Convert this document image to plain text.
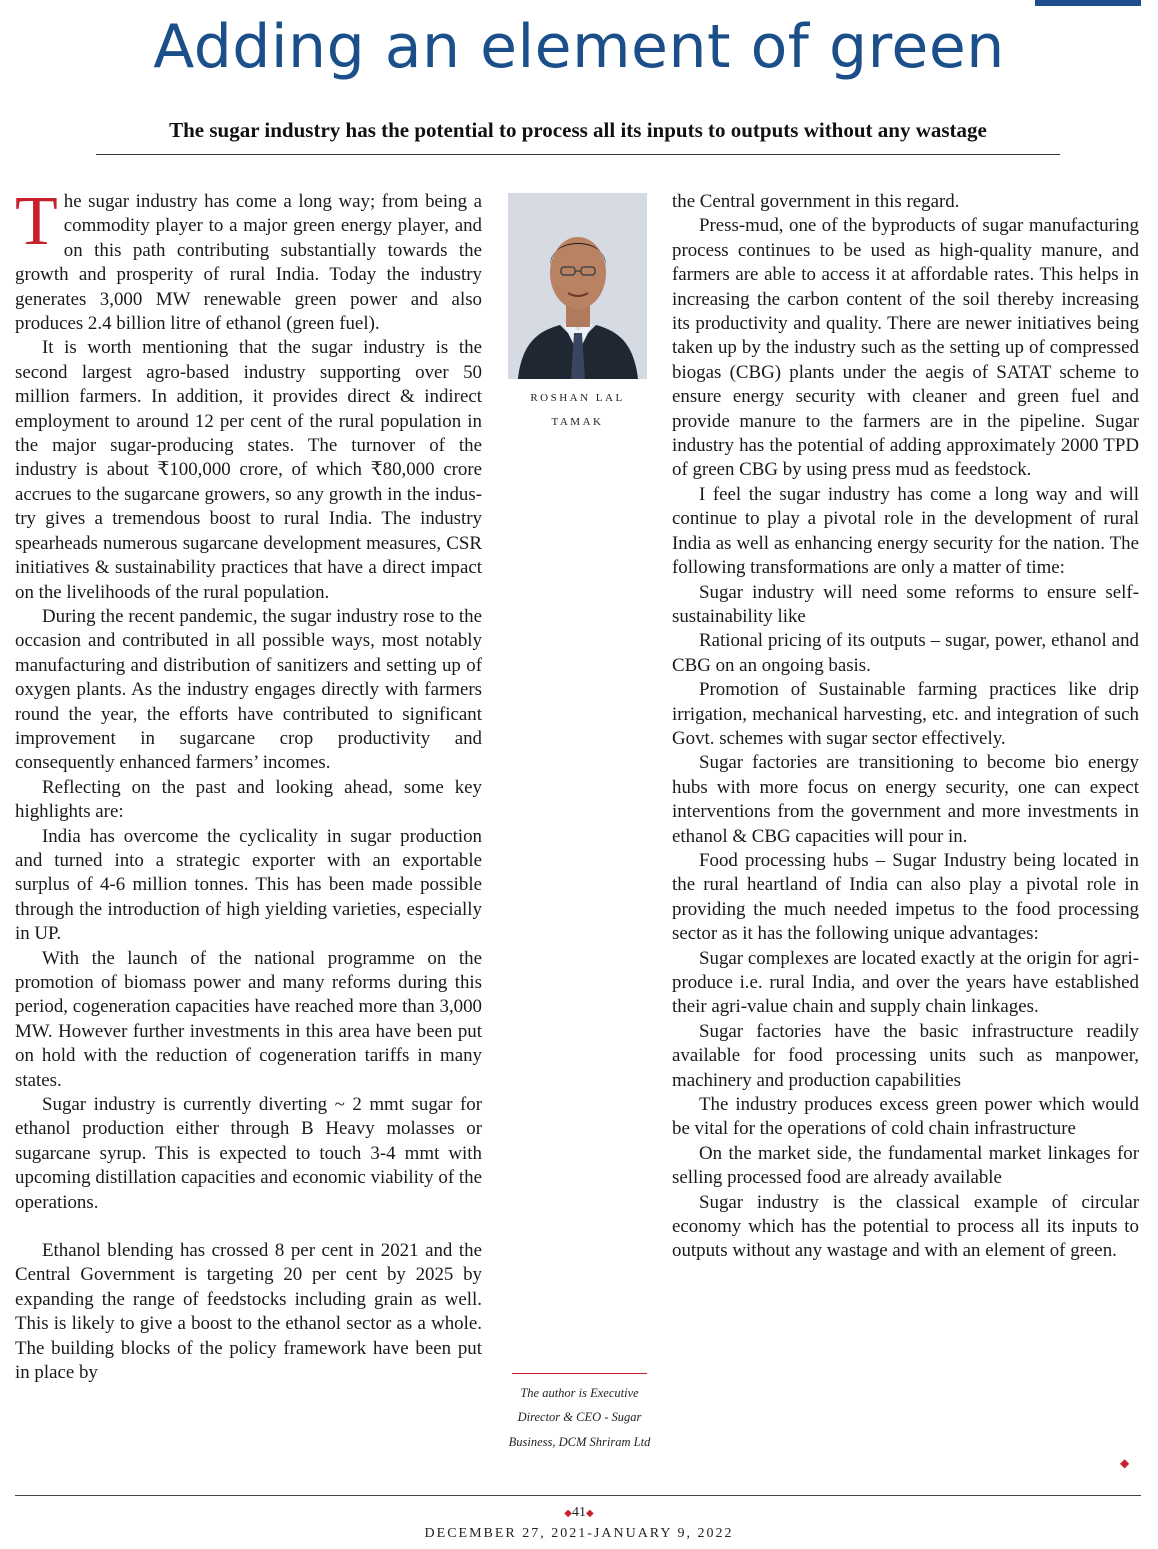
Adding an element of green
The sugar industry has the potential to process all its inputs to outputs without any wastage

The sugar industry has come a long way; from being a commodity player to a major green energy player, and on this path contributing substantially towards the growth and prosperity of rural India. Today the industry generates 3,000 MW renewable green power and also produces 2.4 billion litre of ethanol (green fuel).

It is worth mentioning that the sugar industry is the second largest agro-based industry supporting over 50 million farmers. In addition, it provides direct & indirect employment to around 12 per cent of the rural population in the major sugar-producing states. The turnover of the industry is about ₹100,000 crore, of which ₹80,000 crore accrues to the sugarcane growers, so any growth in the industry gives a tremendous boost to rural India. The industry spearheads numerous sugarcane development measures, CSR initiatives & sustainability practices that have a direct impact on the livelihoods of the rural population.

During the recent pandemic, the sugar industry rose to the occasion and contributed in all possible ways, most notably manufacturing and distribution of sanitizers and setting up of oxygen plants. As the industry engages directly with farmers round the year, the efforts have contributed to significant improvement in sugarcane crop productivity and consequently enhanced farmers’ incomes.

Reflecting on the past and looking ahead, some key highlights are:

India has overcome the cyclicality in sugar production and turned into a strategic exporter with an exportable surplus of 4-6 million tonnes. This has been made possible through the introduction of high yielding varieties, especially in UP.

With the launch of the national programme on the promotion of biomass power and many reforms during this period, cogeneration capacities have reached more than 3,000 MW. However further investments in this area have been put on hold with the reduction of cogeneration tariffs in many states.

Sugar industry is currently diverting ~ 2 mmt sugar for ethanol production either through B Heavy molasses or sugarcane syrup. This is expected to touch 3-4 mmt with upcoming distillation capacities and economic viability of the operations.

Ethanol blending has crossed 8 per cent in 2021 and the Central Government is targeting 20 per cent by 2025 by expanding the range of feedstocks including grain as well. This is likely to give a boost to the ethanol sector as a whole. The building blocks of the policy framework have been put in place by

ROSHAN LAL
TAMAK

the Central government in this regard.

Press-mud, one of the byproducts of sugar manufacturing process continues to be used as high-quality manure, and farmers are able to access it at affordable rates. This helps in increasing the carbon content of the soil thereby increasing its productivity and quality. There are newer initiatives being taken up by the industry such as the setting up of compressed biogas (CBG) plants under the aegis of SATAT scheme to ensure energy security with cleaner and green fuel and provide manure to the farmers are in the pipeline. Sugar industry has the potential of adding approximately 2000 TPD of green CBG by using press mud as feedstock.

I feel the sugar industry has come a long way and will continue to play a pivotal role in the development of rural India as well as enhancing energy security for the nation. The following transformations are only a matter of time:

Sugar industry will need some reforms to ensure self-sustainability like

Rational pricing of its outputs – sugar, power, ethanol and CBG on an ongoing basis.

Promotion of Sustainable farming practices like drip irrigation, mechanical harvesting, etc. and integration of such Govt. schemes with sugar sector effectively.

Sugar factories are transitioning to become bio energy hubs with more focus on energy security, one can expect interventions from the government and more investments in ethanol & CBG capacities will pour in.

Food processing hubs – Sugar Industry being located in the rural heartland of India can also play a pivotal role in providing the much needed impetus to the food processing sector as it has the following unique advantages:

Sugar complexes are located exactly at the origin for agri-produce i.e. rural India, and over the years have established their agri-value chain and supply chain linkages.

Sugar factories have the basic infrastructure readily available for food processing units such as manpower, machinery and production capabilities

The industry produces excess green power which would be vital for the operations of cold chain infrastructure

On the market side, the fundamental market linkages for selling processed food are already available

Sugar industry is the classical example of circular economy which has the potential to process all its inputs to outputs without any wastage and with an element of green.

The author is Executive Director & CEO - Sugar Business, DCM Shriram Ltd
◆
◆41◆
DECEMBER 27, 2021-JANUARY 9, 2022
